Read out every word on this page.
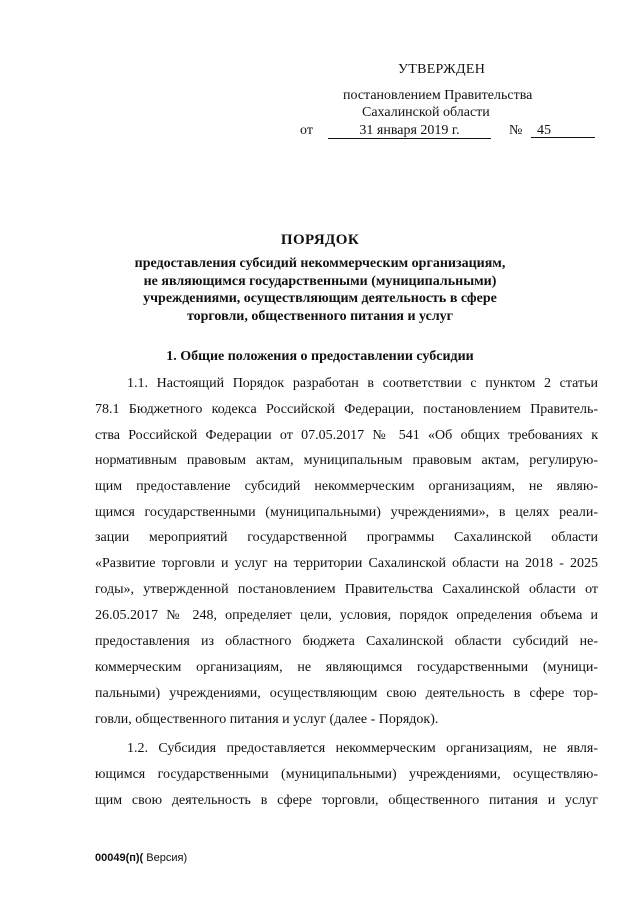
УТВЕРЖДЕН
постановлением Правительства
Сахалинской области
от	31 января 2019 г.	№	45
ПОРЯДОК
предоставления субсидий некоммерческим организациям,
не являющимся государственными (муниципальными)
учреждениями, осуществляющим деятельность в сфере
торговли, общественного питания и услуг
1. Общие положения о предоставлении субсидии
1.1. Настоящий Порядок разработан в соответствии с пунктом 2 статьи
78.1 Бюджетного кодекса Российской Федерации, постановлением Правитель-
ства Российской Федерации от 07.05.2017 № 541 «Об общих требованиях к
нормативным правовым актам, муниципальным правовым актам, регулирую-
щим предоставление субсидий некоммерческим организациям, не являю-
щимся государственными (муниципальными) учреждениями», в целях реали-
зации мероприятий государственной программы Сахалинской области
«Развитие торговли и услуг на территории Сахалинской области на 2018 - 2025
годы», утвержденной постановлением Правительства Сахалинской области от
26.05.2017 № 248, определяет цели, условия, порядок определения объема и
предоставления из областного бюджета Сахалинской области субсидий не-
коммерческим организациям, не являющимся государственными (муници-
пальными) учреждениями, осуществляющим свою деятельность в сфере тор-
говли, общественного питания и услуг (далее - Порядок).
1.2. Субсидия предоставляется некоммерческим организациям, не явля-
ющимся государственными (муниципальными) учреждениями, осуществляю-
щим свою деятельность в сфере торговли, общественного питания и услуг
00049(п)( Версия)
